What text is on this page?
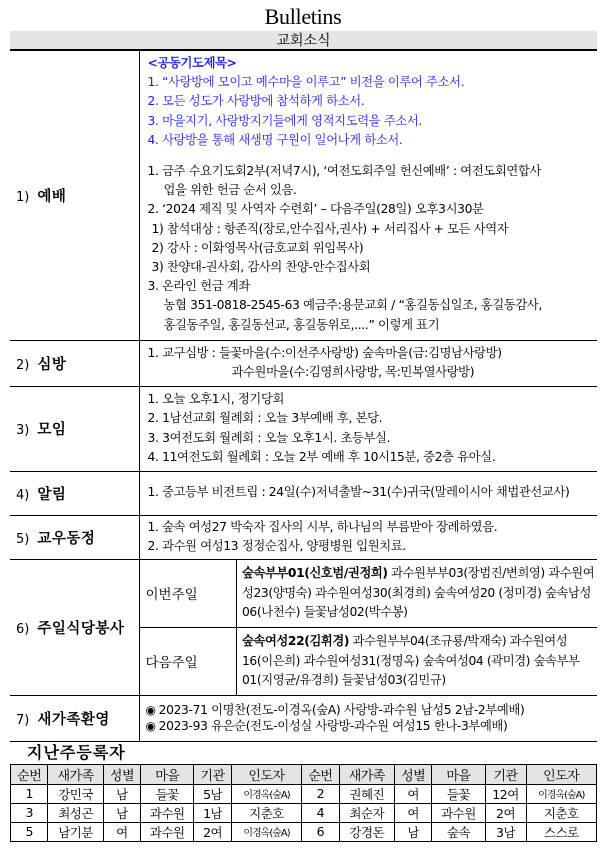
Bulletins
교회소식
1) 예배	
<공동기도제목>
1. “사랑방에 모이고 예수마을 이루고” 비전을 이루어 주소서.
2. 모든 성도가 사랑방에 참석하게 하소서.
3. 마을지기, 사랑방지기들에게 영적지도력을 주소서.
4. 사랑방을 통해 새생명 구원이 일어나게 하소서.
1. 금주 수요기도회2부(저녁7시), ‘여전도회주일 헌신예배’ : 여전도회연합사
업을 위한 헌금 순서 있음.
2. ‘2024 제직 및 사역자 수련회’ – 다음주일(28일) 오후3시30분
1) 참석대상 : 항존직(장로,안수집사,권사) + 서리집사 + 모든 사역자
2) 강사 : 이화영목사(금호교회 위임목사)
3) 찬양대-권사회, 감사의 찬양-안수집사회
3. 온라인 헌금 계좌
농협 351-0818-2545-63 예금주:용문교회 / “홍길동십일조, 홍길동감사,
홍길동주일, 홍길동선교, 홍길동위로,....” 이렇게 표기

2) 심방	
1. 교구심방 : 들꽃마을(수:이선주사랑방) 숲속마을(금:김명남사랑방)
과수원마을(수:김영희사랑방, 목:민복열사랑방)

3) 모임	
1. 오늘 오후1시, 정기당회
2. 1남선교회 월례회 : 오늘 3부예배 후, 본당.
3. 3여전도회 월례회 : 오늘 오후1시. 초등부실.
4. 11여전도회 월례회 : 오늘 2부 예배 후 10시15분, 중2층 유아실.

4) 알림	1. 중고등부 비전트립 : 24일(수)저녁출발~31(수)귀국(말레이시아 채법관선교사)

5) 교우동정	
1. 숲속 여성27 박숙자 집사의 시부, 하나님의 부름받아 장례하였음.
2. 과수원 여성13 정정순집사, 양평병원 입원치료.

6) 주일식당봉사	
이번주일	숲속부부01(신호범/권정희) 과수원부부03(장범진/변희영) 과수원여성23(양명숙) 과수원여성30(최경희) 숲속여성20 (정미경) 숲속남성06(나천수) 들꽃남성02(박수봉)
다음주일	숲속여성22(김휘경) 과수원부부04(조규룡/박재숙) 과수원여성16(이은희) 과수원여성31(정명옥) 숲속여성04 (곽미경) 숲속부부01(지영균/유경희) 들꽃남성03(김민규)

7) 새가족환영	
◉ 2023-71 이명찬(전도-이경옥(숲A) 사랑방-과수원 남성5 2남-2부예배)
◉ 2023-93 유은순(전도-이성실 사랑방-과수원 여성15 한나-3부예배)
지난주등록자
순번	새가족	성별	마을	기관	인도자	순번	새가족	성별	마을	기관	인도자
1	강민국	남	들꽃	5남	이경옥(숲A)	2	권혜진	여	들꽃	12여	이경옥(숲A)
3	최성곤	남	과수원	1남	지춘호	4	최순자	여	과수원	2여	지춘호
5	남기분	여	과수원	2여	이경옥(숲A)	6	강경돈	남	숲속	3남	스스로
